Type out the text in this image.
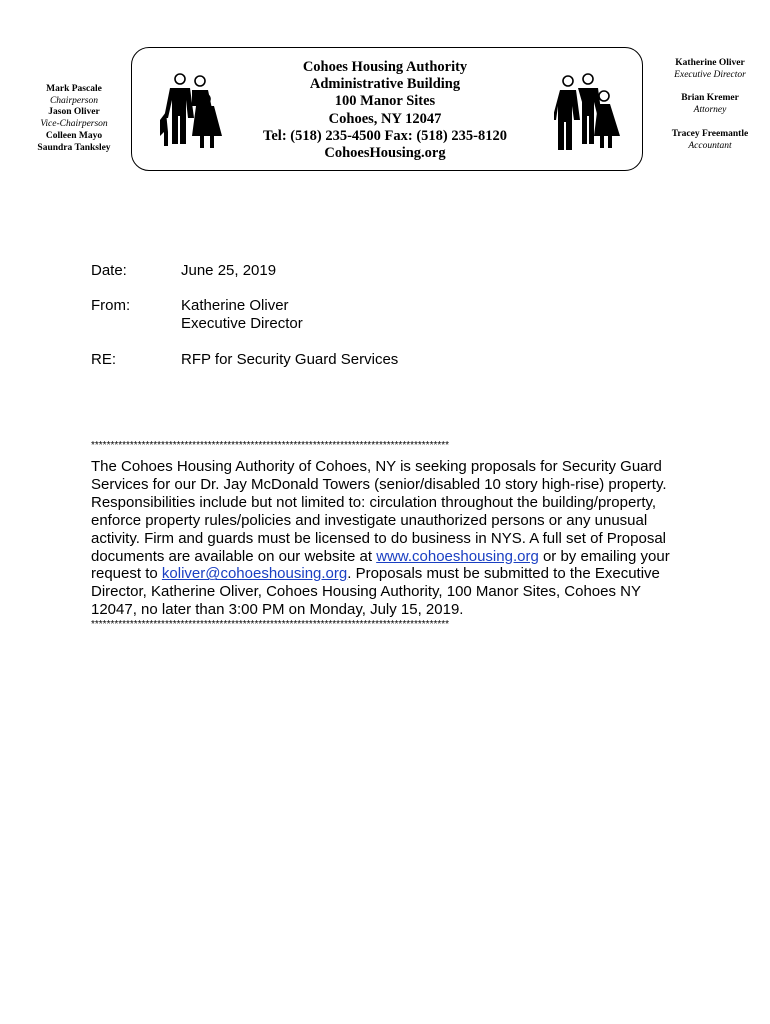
Mark Pascale
Chairperson
Jason Oliver
Vice-Chairperson
Colleen Mayo
Saundra Tanksley
Cohoes Housing Authority
Administrative Building
100 Manor Sites
Cohoes, NY 12047
Tel: (518) 235-4500 Fax: (518) 235-8120
CohoesHousing.org
Katherine Oliver
Executive Director
Brian Kremer
Attorney
Tracey Freemantle
Accountant
Date:	June 25, 2019
From:	Katherine Oliver
Executive Director
RE:	RFP for Security Guard Services
********************************************************************************************
The Cohoes Housing Authority of Cohoes, NY is seeking proposals for Security Guard Services for our Dr. Jay McDonald Towers (senior/disabled 10 story high-rise) property. Responsibilities include but not limited to: circulation throughout the building/property, enforce property rules/policies and investigate unauthorized persons or any unusual activity. Firm and guards must be licensed to do business in NYS. A full set of Proposal documents are available on our website at www.cohoeshousing.org or by emailing your request to koliver@cohoeshousing.org. Proposals must be submitted to the Executive Director, Katherine Oliver, Cohoes Housing Authority, 100 Manor Sites, Cohoes NY 12047, no later than 3:00 PM on Monday, July 15, 2019.
********************************************************************************************
